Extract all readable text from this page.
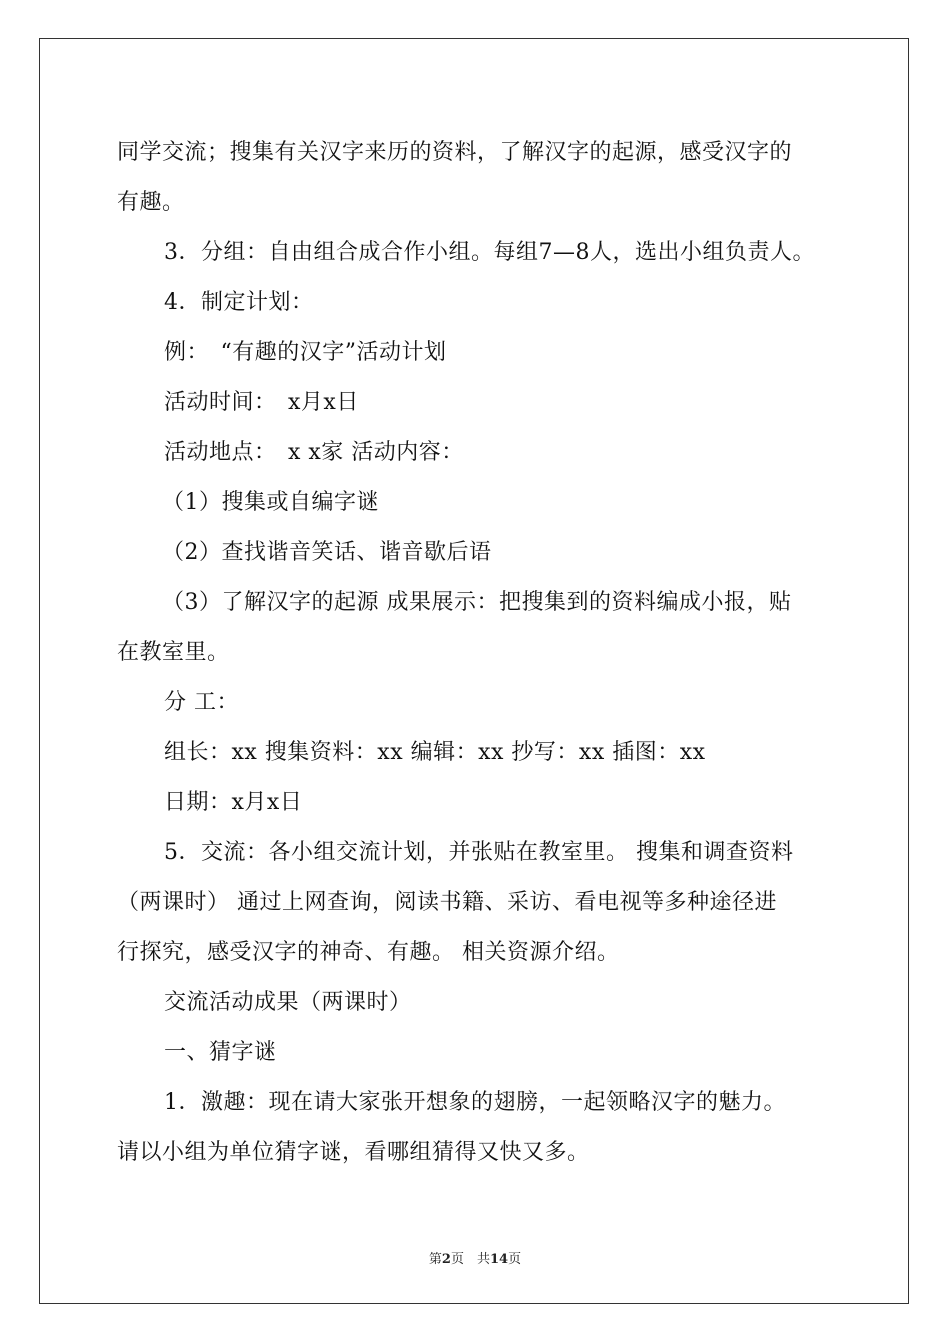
同学交流；搜集有关汉字来历的资料，了解汉字的起源，感受汉字的
有趣。
3．分组：自由组合成合作小组。每组7—8人，选出小组负责人。
4．制定计划：
例：　“有趣的汉字”活动计划
活动时间：　x月x日
活动地点：　x x家 活动内容：
（1）搜集或自编字谜
（2）查找谐音笑话、谐音歇后语
（3）了解汉字的起源 成果展示：把搜集到的资料编成小报，贴
在教室里。
分 工：
组长：xx 搜集资料：xx 编辑：xx 抄写：xx 插图：xx
日期：x月x日
5．交流：各小组交流计划，并张贴在教室里。 搜集和调查资料
（两课时） 通过上网查询，阅读书籍、采访、看电视等多种途径进
行探究，感受汉字的神奇、有趣。 相关资源介绍。
交流活动成果（两课时）
一、猜字谜
1．激趣：现在请大家张开想象的翅膀，一起领略汉字的魅力。
请以小组为单位猜字谜，看哪组猜得又快又多。
第2页　共14页
